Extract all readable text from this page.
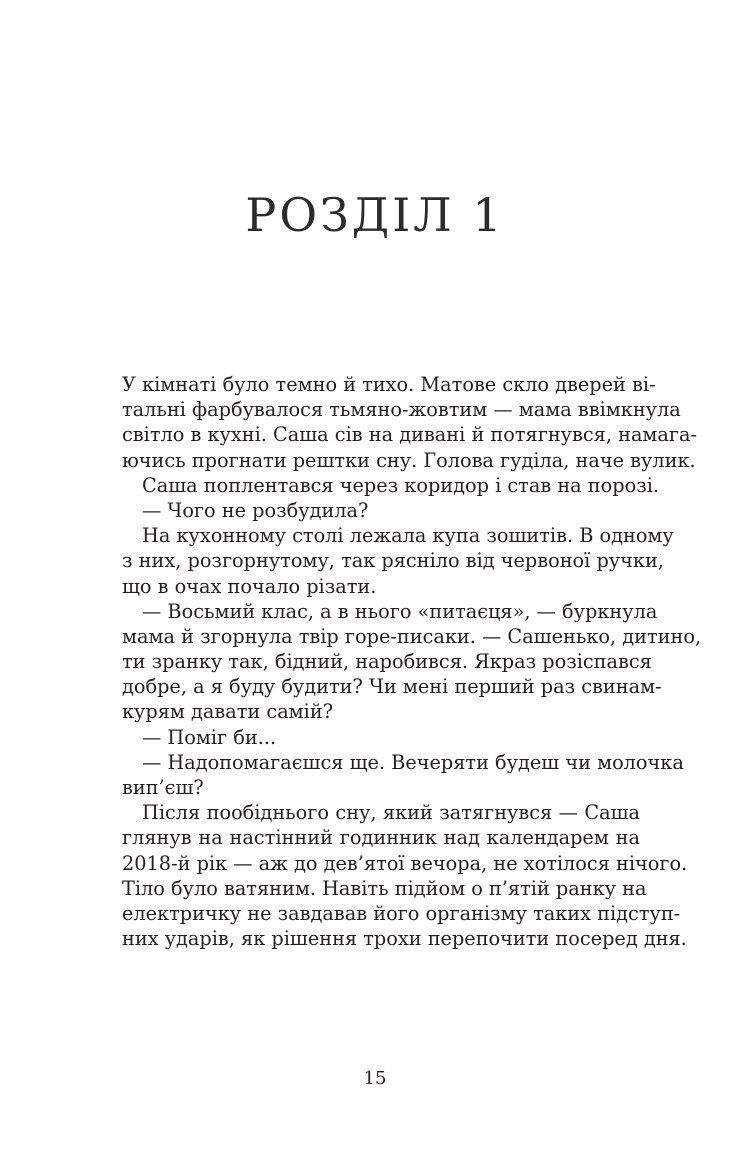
РОЗДІЛ 1
У кімнаті було темно й тихо. Матове скло дверей ві-
тальні фарбувалося тьмяно-жовтим — мама ввімкнула
світло в кухні. Саша сів на дивані й потягнувся, намага-
ючись прогнати рештки сну. Голова гуділа, наче вулик.
Саша поплентався через коридор і став на порозі.
— Чого не розбудила?
На кухонному столі лежала купа зошитів. В одному
з них, розгорнутому, так рясніло від червоної ручки,
що в очах почало різати.
— Восьмий клас, а в нього «питаєця», — буркнула
мама й згорнула твір горе-писаки. — Сашенько, дитино,
ти зранку так, бідний, наробився. Якраз розіспався
добре, а я буду будити? Чи мені перший раз свинам-
курям давати самій?
— Поміг би...
— Надопомагаєшся ще. Вечеряти будеш чи молочка
вип’єш?
Після пообіднього сну, який затягнувся — Саша
глянув на настінний годинник над календарем на
2018-й рік — аж до дев’ятої вечора, не хотілося нічого.
Тіло було ватяним. Навіть підйом о п’ятій ранку на
електричку не завдавав його організму таких підступ-
них ударів, як рішення трохи перепочити посеред дня.
15
